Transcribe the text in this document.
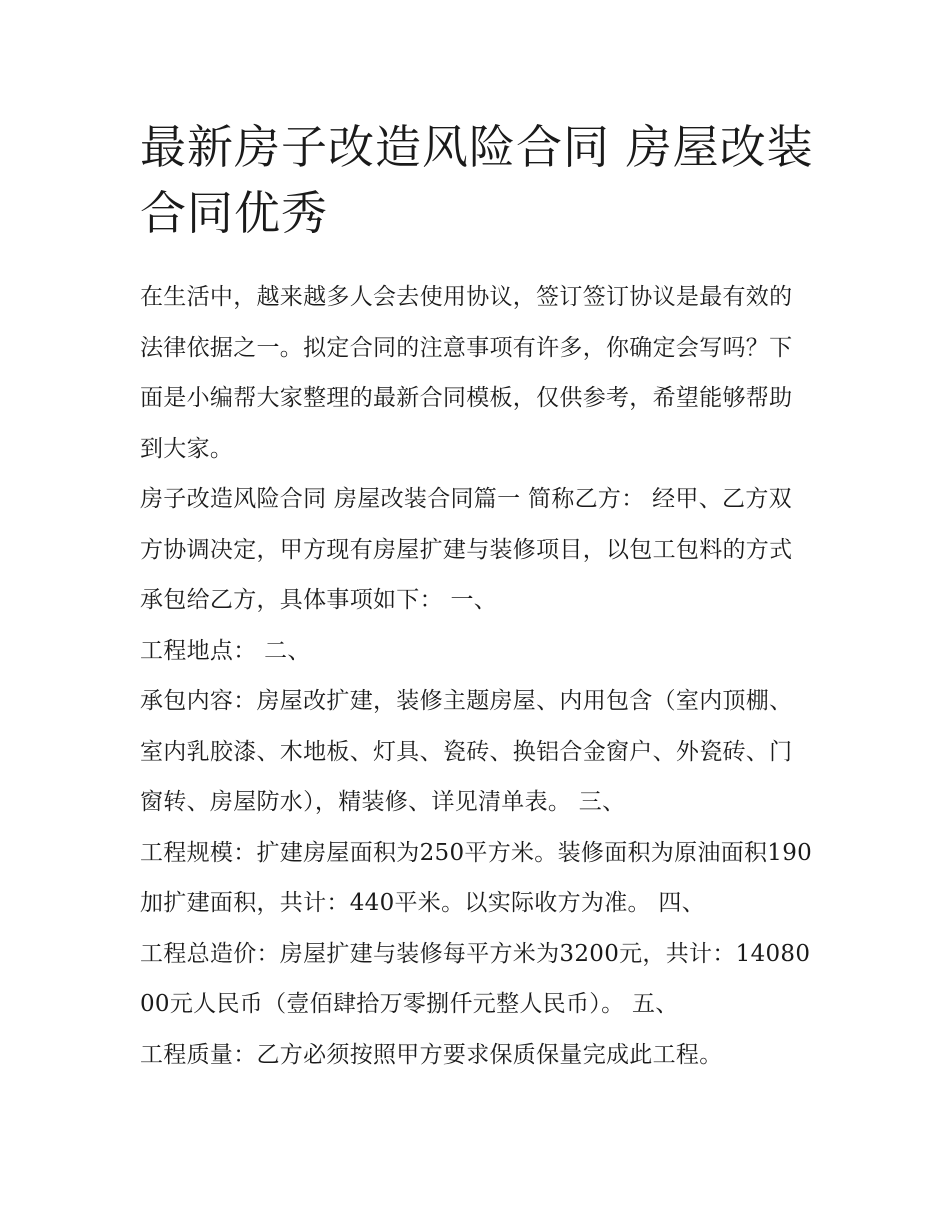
最新房子改造风险合同 房屋改装合同优秀

在生活中，越来越多人会去使用协议，签订签订协议是最有效的法律依据之一。拟定合同的注意事项有许多，你确定会写吗？下面是小编帮大家整理的最新合同模板，仅供参考，希望能够帮助到大家。

房子改造风险合同 房屋改装合同篇一 简称乙方： 经甲、乙方双方协调决定，甲方现有房屋扩建与装修项目，以包工包料的方式承包给乙方，具体事项如下： 一、

工程地点： 二、

承包内容：房屋改扩建，装修主题房屋、内用包含（室内顶棚、室内乳胶漆、木地板、灯具、瓷砖、换铝合金窗户、外瓷砖、门窗转、房屋防水），精装修、详见清单表。 三、

工程规模：扩建房屋面积为250平方米。装修面积为原油面积190加扩建面积，共计：440平米。以实际收方为准。 四、

工程总造价：房屋扩建与装修每平方米为3200元，共计：1408000元人民币（壹佰肆拾万零捌仟元整人民币）。 五、

工程质量：乙方必须按照甲方要求保质保量完成此工程。
